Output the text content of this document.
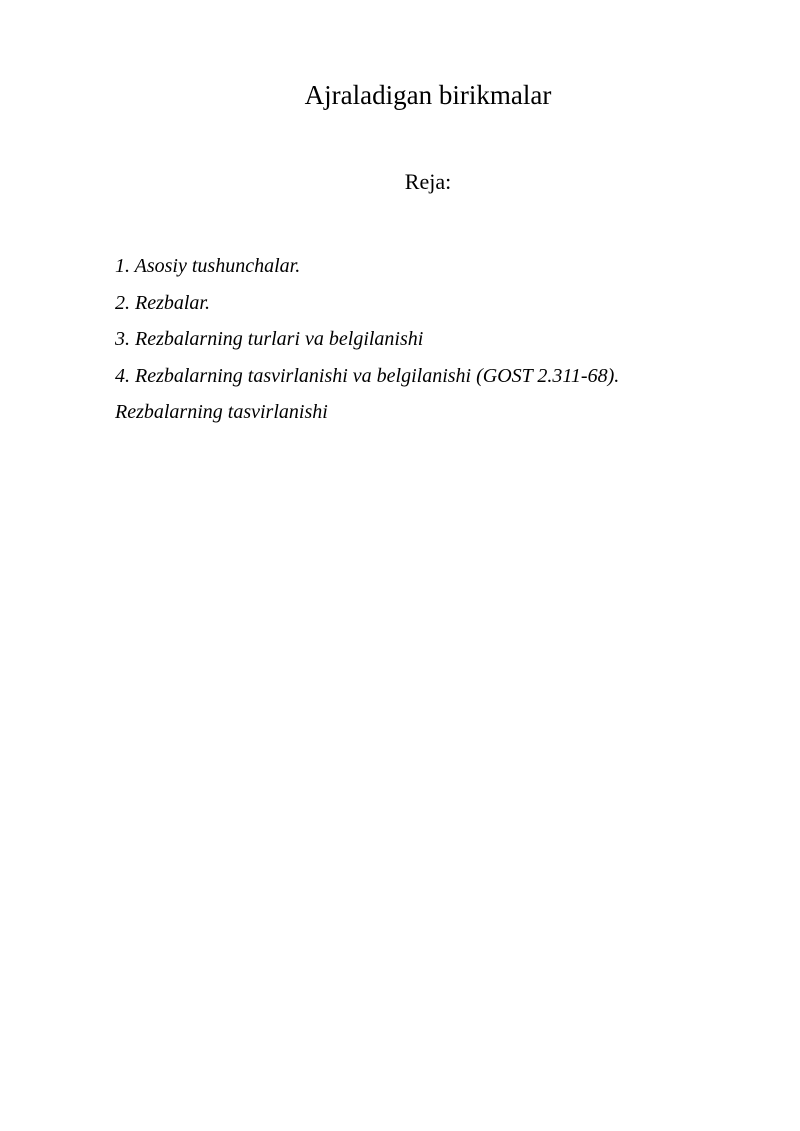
Ajraladigan birikmalar
Reja:
1. Asosiy tushunchalar.
2. Rezbalar.
3. Rezbalarning turlari va belgilanishi
4. Rezbalarning tasvirlanishi va belgilanishi (GOST 2.311-68).
Rezbalarning tasvirlanishi
